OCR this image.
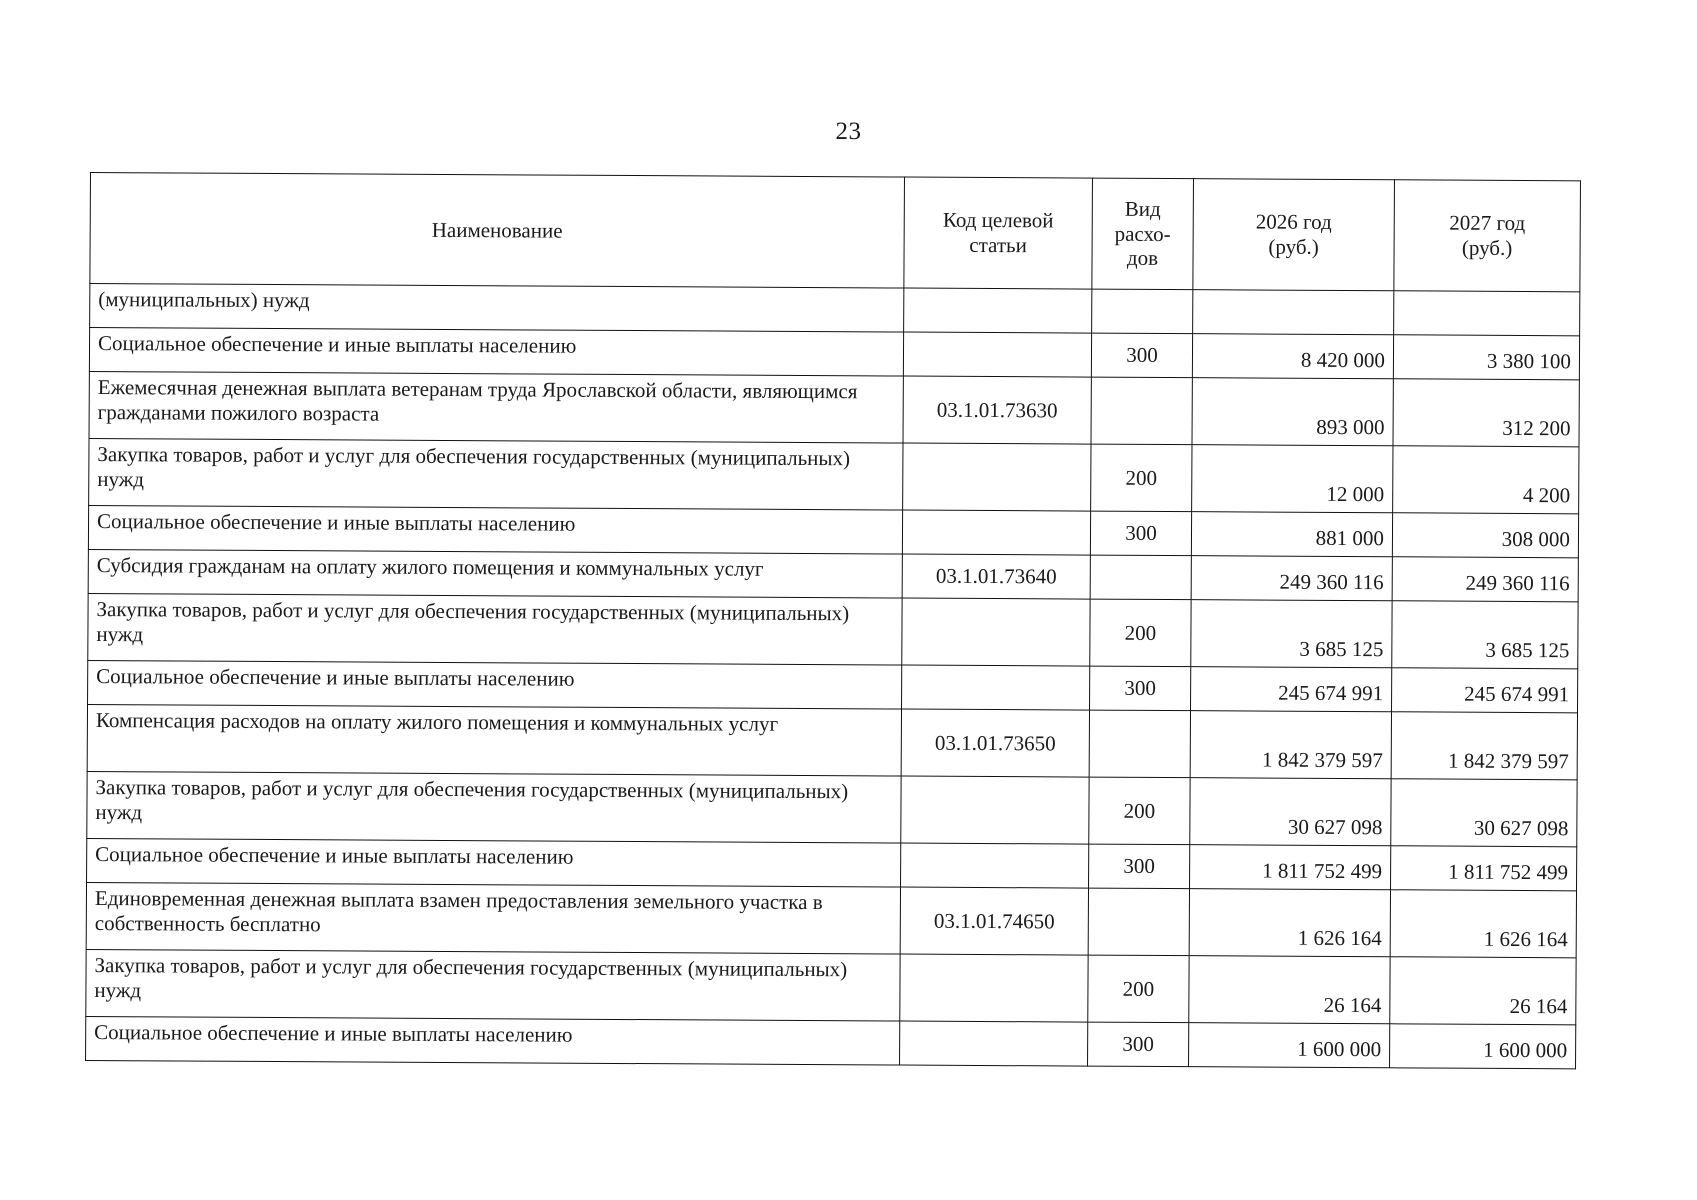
23
Наименование	Код целевой статьи	Вид расхо-дов	2026 год (руб.)	2027 год (руб.)
(муниципальных) нужд				
Социальное обеспечение и иные выплаты населению		300	8 420 000	3 380 100
Ежемесячная денежная выплата ветеранам труда Ярославской области, являющимся гражданами пожилого возраста	03.1.01.73630		893 000	312 200
Закупка товаров, работ и услуг для обеспечения государственных (муниципальных) нужд		200	12 000	4 200
Социальное обеспечение и иные выплаты населению		300	881 000	308 000
Субсидия гражданам на оплату жилого помещения и коммунальных услуг	03.1.01.73640		249 360 116	249 360 116
Закупка товаров, работ и услуг для обеспечения государственных (муниципальных) нужд		200	3 685 125	3 685 125
Социальное обеспечение и иные выплаты населению		300	245 674 991	245 674 991
Компенсация расходов на оплату жилого помещения и коммунальных услуг	03.1.01.73650		1 842 379 597	1 842 379 597
Закупка товаров, работ и услуг для обеспечения государственных (муниципальных) нужд		200	30 627 098	30 627 098
Социальное обеспечение и иные выплаты населению		300	1 811 752 499	1 811 752 499
Единовременная денежная выплата взамен предоставления земельного участка в собственность бесплатно	03.1.01.74650		1 626 164	1 626 164
Закупка товаров, работ и услуг для обеспечения государственных (муниципальных) нужд		200	26 164	26 164
Социальное обеспечение и иные выплаты населению		300	1 600 000	1 600 000
